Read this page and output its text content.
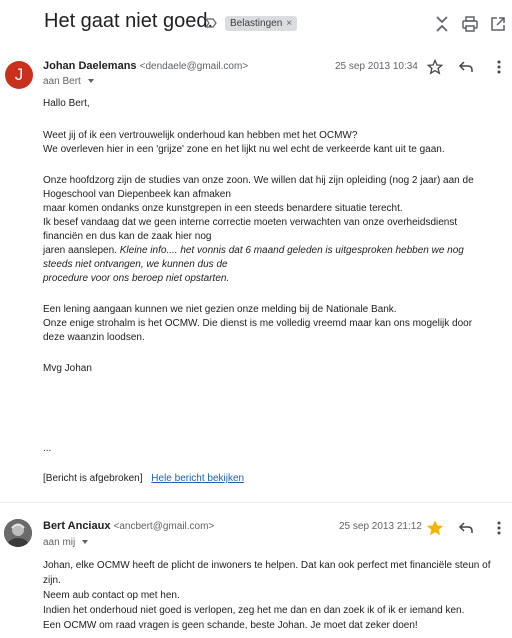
Het gaat niet goed.	Belastingen ×
J	Johan Daelemans <dendaele@gmail.com>
aan Bert
25 sep 2013 10:34

Hallo Bert,

Weet jij of ik een vertrouwelijk onderhoud kan hebben met het OCMW?

We overleven hier in een 'grijze' zone en het lijkt nu wel echt de verkeerde kant uit te gaan.

Onze hoofdzorg zijn de studies van onze zoon. We willen dat hij zijn opleiding (nog 2 jaar) aan de

Hogeschool van Diepenbeek kan afmaken

maar komen ondanks onze kunstgrepen in een steeds benardere situatie terecht.

Ik besef vandaag dat we geen interne correctie moeten verwachten van onze overheidsdienst

financiën en dus kan de zaak hier nog

jaren aanslepen. Kleine info.... het vonnis dat 6 maand geleden is uitgesproken hebben we nog

steeds niet ontvangen, we kunnen dus de

procedure voor ons beroep niet opstarten.

Een lening aangaan kunnen we niet gezien onze melding bij de Nationale Bank.

Onze enige strohalm is het OCMW. Die dienst is me volledig vreemd maar kan ons mogelijk door

deze waanzin loodsen.

Mvg Johan

...
[Bericht is afgebroken] Hele bericht bekijken
Bert Anciaux <ancbert@gmail.com>
aan mij
25 sep 2013 21:12

Johan, elke OCMW heeft de plicht de inwoners te helpen. Dat kan ook perfect met financiële steun of

zijn.

Neem aub contact op met hen.

Indien het onderhoud niet goed is verlopen, zeg het me dan en dan zoek ik of ik er iemand ken.

Een OCMW om raad vragen is geen schande, beste Johan. Je moet dat zeker doen!
